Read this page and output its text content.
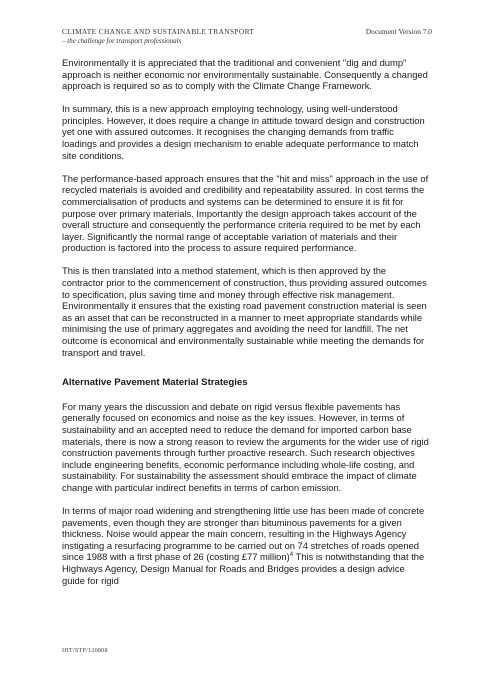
CLIMATE CHANGE AND SUSTAINABLE TRANSPORT	Document Version 7.0
– the challenge for transport professionals

Environmentally it is appreciated that the traditional and convenient "dig and dump" approach is neither economic nor environmentally sustainable. Consequently a changed approach is required so as to comply with the Climate Change Framework.

In summary, this is a new approach employing technology, using well-understood principles. However, it does require a change in attitude toward design and construction yet one with assured outcomes. It recognises the changing demands from traffic loadings and provides a design mechanism to enable adequate performance to match site conditions.

The performance-based approach ensures that the "hit and miss" approach in the use of recycled materials is avoided and credibility and repeatability assured. In cost terms the commercialisation of products and systems can be determined to ensure it is fit for purpose over primary materials. Importantly the design approach takes account of the overall structure and consequently the performance criteria required to be met by each layer. Significantly the normal range of acceptable variation of materials and their production is factored into the process to assure required performance.

This is then translated into a method statement, which is then approved by the contractor prior to the commencement of construction, thus providing assured outcomes to specification, plus saving time and money through effective risk management. Environmentally it ensures that the existing road pavement construction material is seen as an asset that can be reconstructed in a manner to meet appropriate standards while minimising the use of primary aggregates and avoiding the need for landfill. The net outcome is economical and environmentally sustainable while meeting the demands for transport and travel.

Alternative Pavement Material Strategies

For many years the discussion and debate on rigid versus flexible pavements has generally focused on economics and noise as the key issues. However, in terms of sustainability and an accepted need to reduce the demand for imported carbon base materials, there is now a strong reason to review the arguments for the wider use of rigid construction pavements through further proactive research. Such research objectives include engineering benefits, economic performance including whole-life costing, and sustainability. For sustainability the assessment should embrace the impact of climate change with particular indirect benefits in terms of carbon emission.

In terms of major road widening and strengthening little use has been made of concrete pavements, even though they are stronger than bituminous pavements for a given thickness. Noise would appear the main concern, resulting in the Highways Agency instigating a resurfacing programme to be carried out on 74 stretches of roads opened since 1988 with a first phase of 26 (costing £77 million)$^4$ This is notwithstanding that the Highways Agency, Design Manual for Roads and Bridges provides a design advice guide for rigid

IHT/STP/120808
